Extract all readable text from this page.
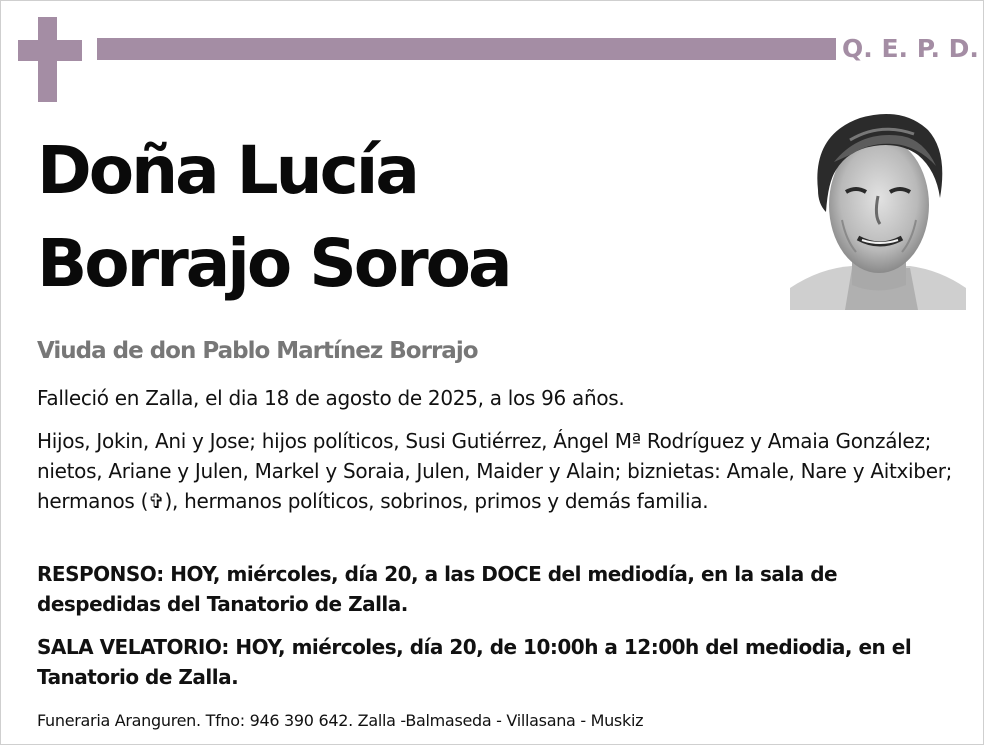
Q. E. P. D.
Doña Lucía
Borrajo Soroa
Viuda de don Pablo Martínez Borrajo
Falleció en Zalla, el dia 18 de agosto de 2025, a los 96 años.
Hijos, Jokin, Ani y Jose; hijos políticos, Susi Gutiérrez, Ángel Mª Rodríguez y Amaia González; nietos, Ariane y Julen, Markel y Soraia, Julen, Maider y Alain; biznietas: Amale, Nare y Aitxiber; hermanos (✞), hermanos políticos, sobrinos, primos y demás familia.
RESPONSO: HOY, miércoles, día 20, a las DOCE del mediodía, en la sala de despedidas del Tanatorio de Zalla.
SALA VELATORIO: HOY, miércoles, día 20, de 10:00h a 12:00h del mediodia, en el Tanatorio de Zalla.
Funeraria Aranguren. Tfno: 946 390 642. Zalla -Balmaseda - Villasana - Muskiz
